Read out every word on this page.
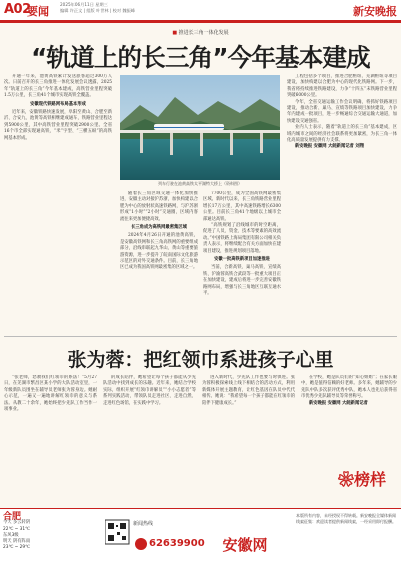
A02
要闻
2025年06月11日 星期三
编辑 许正文 | 组版 叶世林 | 校对 魏振峰	新安晚报
■ 推进长三角一体化发展
“轨道上的长三角”今年基本建成

开通一年来，池黄高铁累计发送旅客超过300万人次。日前召开的长三角推进一体化发展会议透露，2025年“轨道上的长三角”今年基本建成，高铁营业里程突破1.5万公里，长三角41个城市实现高铁全覆盖。

安徽现代铁路网布局基本形成

近年来，安徽铁路快速发展，阜阳至黄山、合肥至新沂、合安九、池黄等高铁相继建成通车，铁路营业里程达到5900公里，其中高铁营业里程突破2900公里。全省16个市全部实现通高铁，“米”字型、“三横五纵”的高铁网基本形成。

列车行驶在池黄高铁太平湖特大桥上（资料图）

随着长三角区域交通一体化加快推进，安徽主动对接沪苏浙，加快构建以合肥为中心的放射状高速铁路网，与沪苏浙形成“1小时”“2小时”交通圈，区域内客流往来更加便捷高效。

长三角成为高铁网最密集区域

2024年4月26日开通的池黄高铁，是安徽高铁网和长三角高铁网的重要组成部分，沿线串联起九华山、黄山等重要旅游资源，进一步提升了皖南国际文化旅游示范区的对外交通条件。目前，长三角地区已成为我国高铁网最密集的区域之一。

7700公里，成为全国高铁网最密集区域。新时代以来，长三角铁路营业里程增长17万公里，其中高速铁路增长6300公里。目前长三角41个地级以上城市全部通达高铁。

“高铁规划了沿线城市的时空距离，促进了人员、资金、技术等要素的高效流动。”中国铁路上海局集团有限公司相关负责人表示，将继续配合有关方面加快在建项目建设，推进规划项目落地。

安徽一批高铁新项目加速推进

当前，合新高铁、巢马高铁、宣绩高铁、沪渝蓉高铁合武段等一批重大项目正在加快建设，建成后将进一步完善安徽铁路网布局，增强与长三角地区互联互通水平。

工程包括多个项目，推进合肥枢纽、芜湖枢纽等项目建设，加快构建以合肥为中心的现代化铁路网。下一步，我省将持续推进铁路建设，力争“十四五”末铁路营业里程突破6000公里。

今年，全省交通运输工作会议明确，将抓好铁路项目建设，推动合新、巢马、宣绩等铁路项目加快建设，力争年内建成一批项目，进一步畅通综合交通运输大通道，加快建设交通强省。

业内人士表示，随着“轨道上的长三角”基本建成，区域内城市之间的经济社会联系将更加紧密，为长三角一体化高质量发展提供有力支撑。

新安晚报 安徽网 大皖新闻记者 刘翔

张为蓉：把红领巾系进孩子心里

“张老师，您教我们红领巾的系法！”5月27日，在芜湖市繁昌区某小学的大队活动室里，一年级新队员围坐在辅导员老师张为蓉身边。她耐心示范，一遍又一遍地讲解红领巾的意义与系法。从教二十余年，她始终把少先队工作当作一项事业。

的成长陪伴，她希望让每个孩子都能从少先队活动中找到成长的乐趣。近年来，她结合学校实际，组织开展“红领巾讲解员”“小小志愿者”等系列实践活动，带领队员走进社区、走进自然、走进红色场馆，在实践中学习。

进入新时代，少先队工作也要与时俱进。张为蓉积极探索线上线下相结合的活动方式，利用新媒体开展主题教育，让红色基因在队员中代代相传。她说：“我希望每一个孩子都能在红领巾的陪伴下健康成长。”

在学校，她是队员们的“知心姐姐”；在家长眼中，她是值得信赖的好老师。多年来，她辅导的少先队中队多次获评优秀中队，她本人也先后获得省市优秀少先队辅导员等荣誉称号。

新安晚报 安徽网 大皖新闻记者

❀榜样
合肥
今天 多云转阴
22℃ ~ 31℃
东风3级
明天 阴有阵雨
23℃ ~ 29℃
新闻热线
62639900	安徽网
本版所有内容，未经授权不得转载。新安晚报全媒体新闻线索征集：欢迎读者提供新闻线索，一经采用即付报酬。
